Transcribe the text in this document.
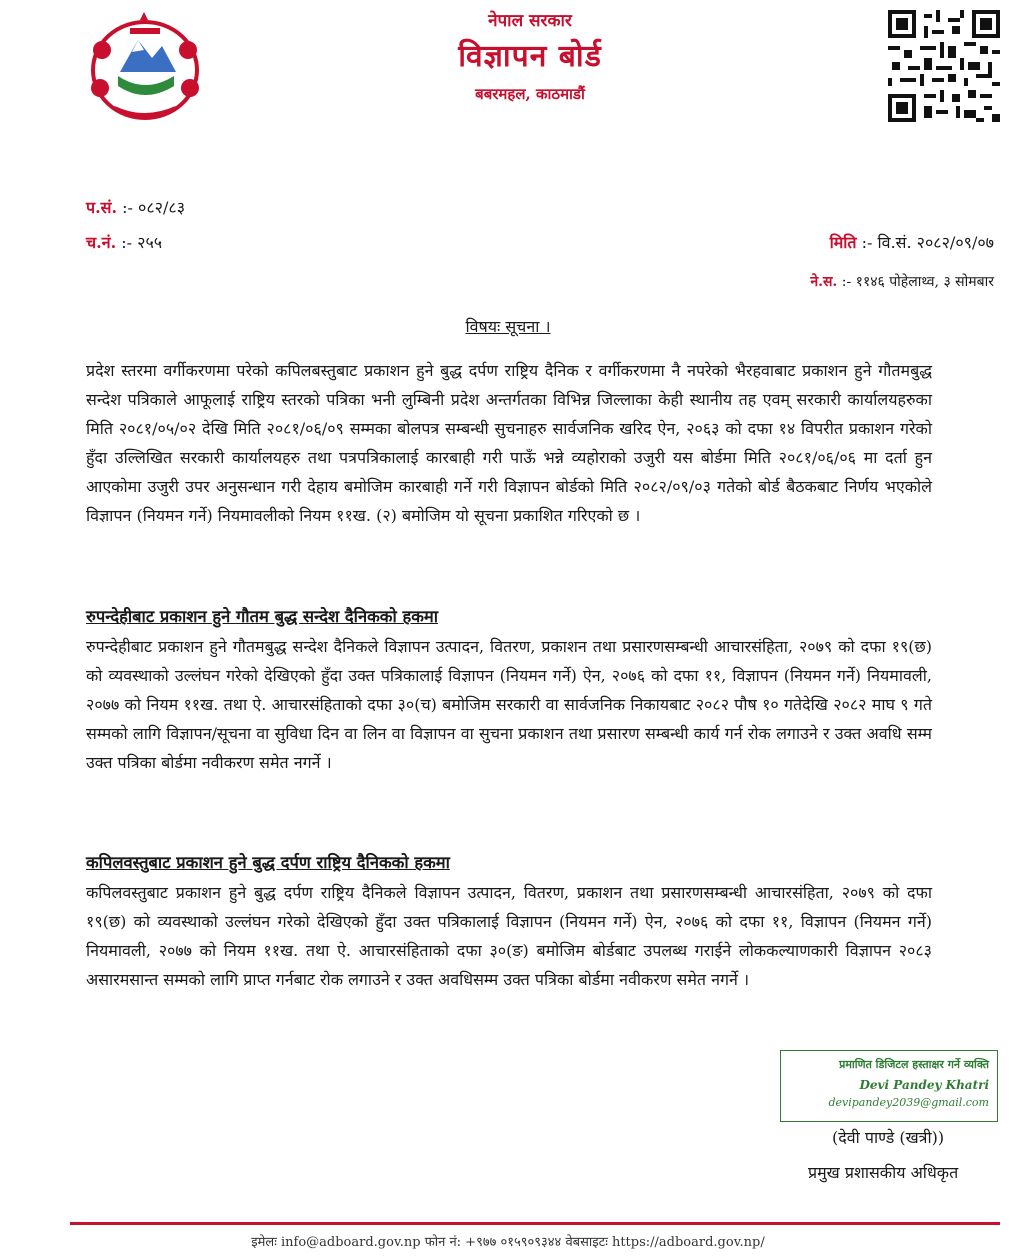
नेपाल सरकार
विज्ञापन बोर्ड
बबरमहल, काठमाडौं
प.सं. :- ०८२/८३
च.नं. :- २५५	मिति :- वि.सं. २०८२/०९/०७
ने.स. :- ११४६ पोहेलाथ्व, ३ सोमबार
विषयः सूचना ।
प्रदेश स्तरमा वर्गीकरणमा परेको कपिलबस्तुबाट प्रकाशन हुने बुद्ध दर्पण राष्ट्रिय दैनिक र वर्गीकरणमा नै नपरेको भैरहवाबाट प्रकाशन हुने गौतमबुद्ध सन्देश पत्रिकाले आफूलाई राष्ट्रिय स्तरको पत्रिका भनी लुम्बिनी प्रदेश अन्तर्गतका विभिन्न जिल्लाका केही स्थानीय तह एवम् सरकारी कार्यालयहरुका मिति २०८१/०५/०२ देखि मिति २०८१/०६/०९ सम्मका बोलपत्र सम्बन्धी सुचनाहरु सार्वजनिक खरिद ऐन, २०६३ को दफा १४ विपरीत प्रकाशन गरेको हुँदा उल्लिखित सरकारी कार्यालयहरु तथा पत्रपत्रिकालाई कारबाही गरी पाऊँ भन्ने व्यहोराको उजुरी यस बोर्डमा मिति २०८१/०६/०६ मा दर्ता हुन आएकोमा उजुरी उपर अनुसन्धान गरी देहाय बमोजिम कारबाही गर्ने गरी विज्ञापन बोर्डको मिति २०८२/०९/०३ गतेको बोर्ड बैठकबाट निर्णय भएकोले विज्ञापन (नियमन गर्ने) नियमावलीको नियम ११ख. (२) बमोजिम यो सूचना प्रकाशित गरिएको छ ।
रुपन्देहीबाट प्रकाशन हुने गौतम बुद्ध सन्देश दैनिकको हकमा
रुपन्देहीबाट प्रकाशन हुने गौतमबुद्ध सन्देश दैनिकले विज्ञापन उत्पादन, वितरण, प्रकाशन तथा प्रसारणसम्बन्धी आचारसंहिता, २०७९ को दफा १९(छ) को व्यवस्थाको उल्लंघन गरेको देखिएको हुँदा उक्त पत्रिकालाई विज्ञापन (नियमन गर्ने) ऐन, २०७६ को दफा ११, विज्ञापन (नियमन गर्ने) नियमावली, २०७७ को नियम ११ख. तथा ऐ. आचारसंहिताको दफा ३०(च) बमोजिम सरकारी वा सार्वजनिक निकायबाट २०८२ पौष १० गतेदेखि २०८२ माघ ९ गते सम्मको लागि विज्ञापन/सूचना वा सुविधा दिन वा लिन वा विज्ञापन वा सुचना प्रकाशन तथा प्रसारण सम्बन्धी कार्य गर्न रोक लगाउने र उक्त अवधि सम्म उक्त पत्रिका बोर्डमा नवीकरण समेत नगर्ने ।
कपिलवस्तुबाट प्रकाशन हुने बुद्ध दर्पण राष्ट्रिय दैनिकको हकमा
कपिलवस्तुबाट प्रकाशन हुने बुद्ध दर्पण राष्ट्रिय दैनिकले विज्ञापन उत्पादन, वितरण, प्रकाशन तथा प्रसारणसम्बन्धी आचारसंहिता, २०७९ को दफा १९(छ) को व्यवस्थाको उल्लंघन गरेको देखिएको हुँदा उक्त पत्रिकालाई विज्ञापन (नियमन गर्ने) ऐन, २०७६ को दफा ११, विज्ञापन (नियमन गर्ने) नियमावली, २०७७ को नियम ११ख. तथा ऐ. आचारसंहिताको दफा ३०(ङ) बमोजिम बोर्डबाट उपलब्ध गराईने लोककल्याणकारी विज्ञापन २०८३ असारमसान्त सम्मको लागि प्राप्त गर्नबाट रोक लगाउने र उक्त अवधिसम्म उक्त पत्रिका बोर्डमा नवीकरण समेत नगर्ने ।
प्रमाणित डिजिटल हस्ताक्षर गर्ने व्यक्ति
Devi Pandey Khatri
devipandey2039@gmail.com
(देवी पाण्डे (खत्री))
प्रमुख प्रशासकीय अधिकृत
इमेलः info@adboard.gov.np फोन नं: +९७७ ०१५९०९३४४ वेबसाइटः https://adboard.gov.np/
